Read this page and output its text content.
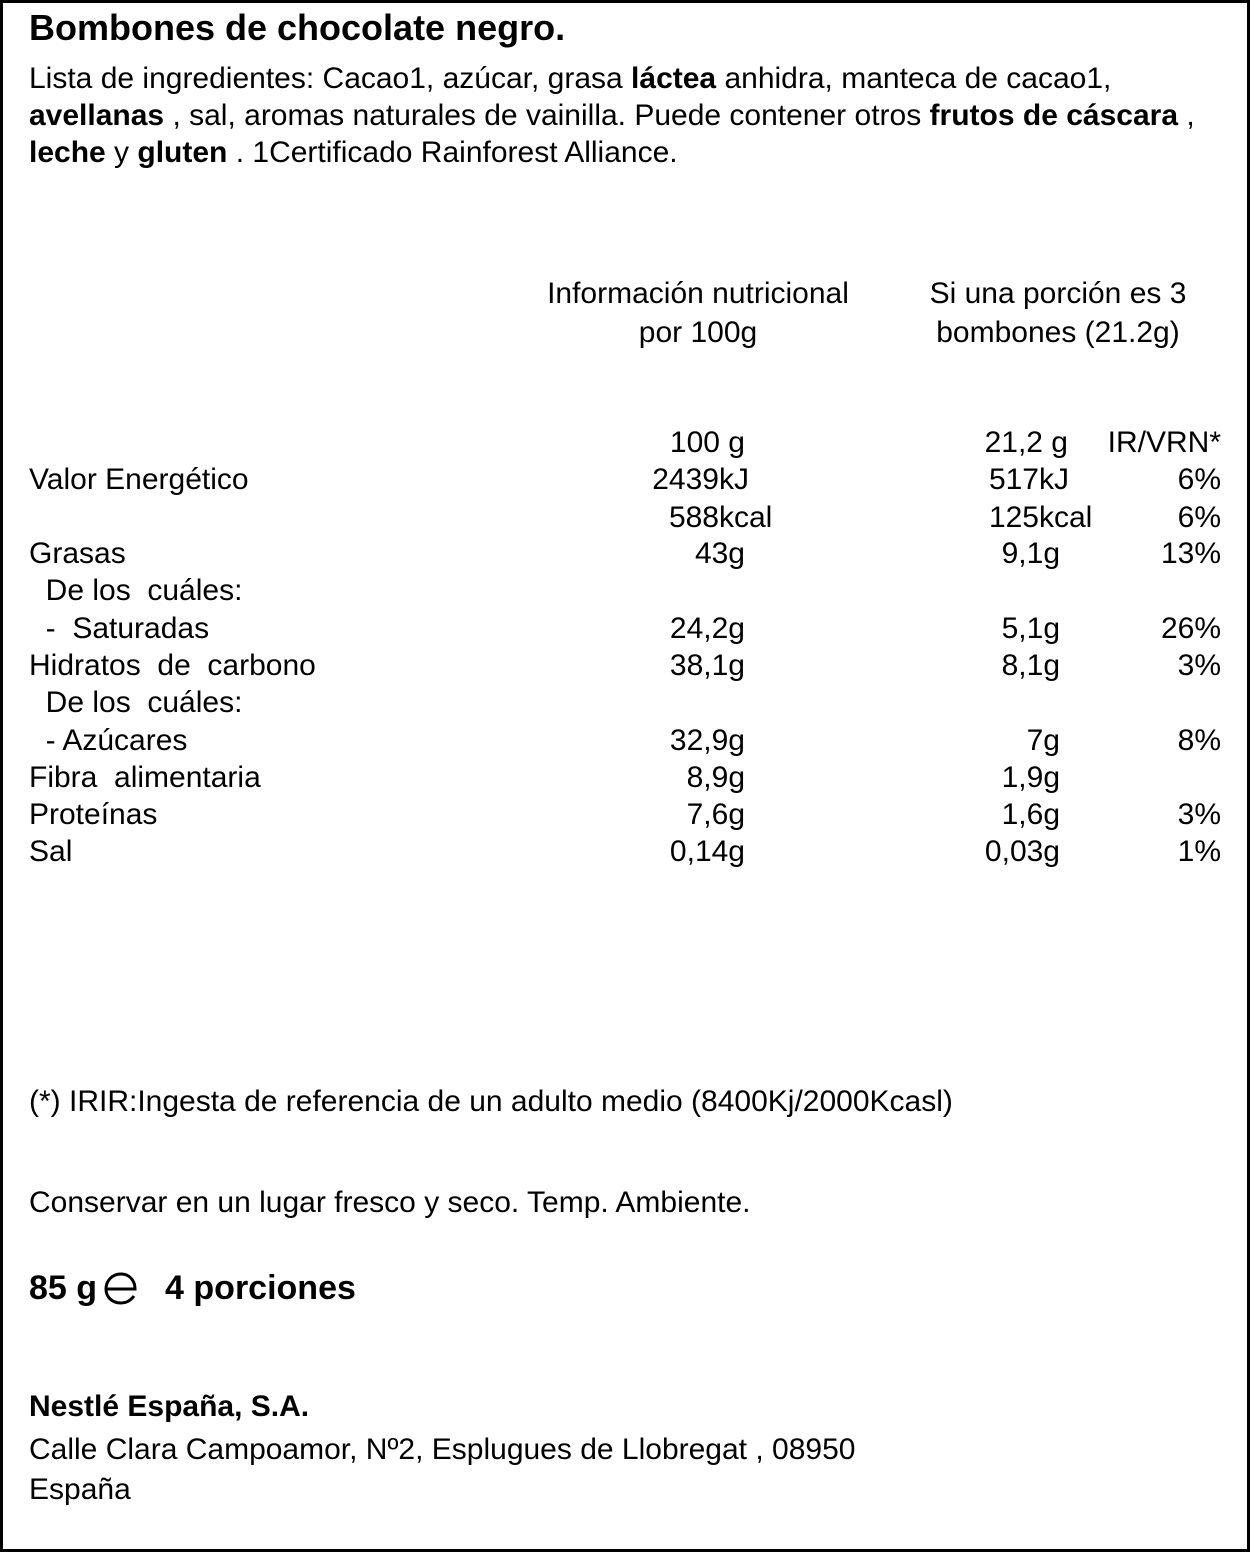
Bombones de chocolate negro.
Lista de ingredientes: Cacao1, azúcar, grasa láctea anhidra, manteca de cacao1, avellanas , sal, aromas naturales de vainilla. Puede contener otros frutos de cáscara , leche y gluten . 1Certificado Rainforest Alliance.
Información nutricional
por 100g
Si una porción es 3
bombones (21.2g)
100 g	21,2 g	IR/VRN*
Valor Energético	2439kJ	517kJ	6%
588kcal	125kcal	6%
Grasas	43g	9,1g	13%
De los  cuáles:
-  Saturadas	24,2g	5,1g	26%
Hidratos  de  carbono	38,1g	8,1g	3%
De los  cuáles:
- Azúcares	32,9g	7g	8%
Fibra  alimentaria	8,9g	1,9g
Proteínas	7,6g	1,6g	3%
Sal	0,14g	0,03g	1%
(*) IRIR:Ingesta de referencia de un adulto medio (8400Kj/2000Kcasl)
Conservar en un lugar fresco y seco. Temp. Ambiente.
85 g 4 porciones
Nestlé España, S.A.
Calle Clara Campoamor, Nº2, Esplugues de Llobregat , 08950
España
